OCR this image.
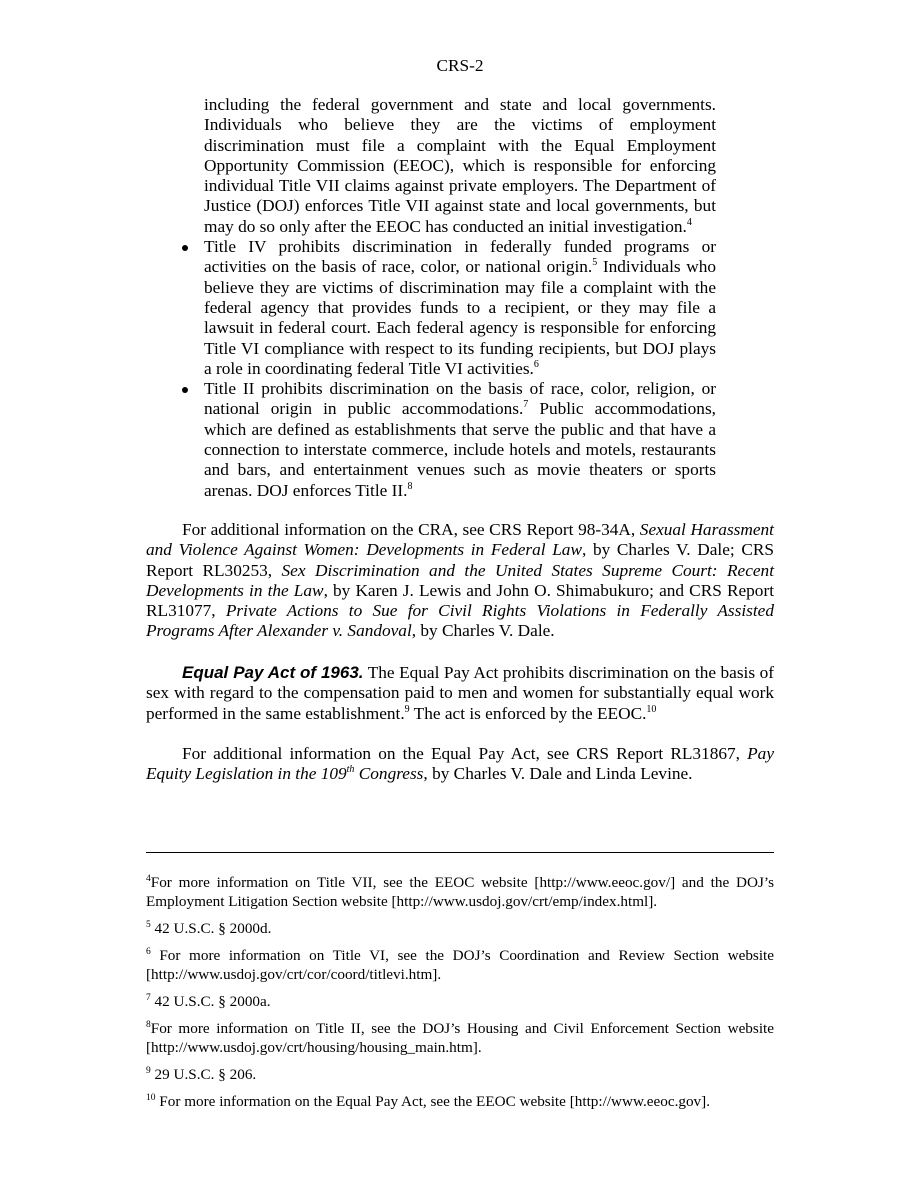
CRS-2
including the federal government and state and local governments. Individuals who believe they are the victims of employment discrimination must file a complaint with the Equal Employment Opportunity Commission (EEOC), which is responsible for enforcing individual Title VII claims against private employers. The Department of Justice (DOJ) enforces Title VII against state and local governments, but may do so only after the EEOC has conducted an initial investigation.$^4$
Title IV prohibits discrimination in federally funded programs or activities on the basis of race, color, or national origin.$^5$ Individuals who believe they are victims of discrimination may file a complaint with the federal agency that provides funds to a recipient, or they may file a lawsuit in federal court. Each federal agency is responsible for enforcing Title VI compliance with respect to its funding recipients, but DOJ plays a role in coordinating federal Title VI activities.$^6$
Title II prohibits discrimination on the basis of race, color, religion, or national origin in public accommodations.$^7$ Public accommodations, which are defined as establishments that serve the public and that have a connection to interstate commerce, include hotels and motels, restaurants and bars, and entertainment venues such as movie theaters or sports arenas. DOJ enforces Title II.$^8$
For additional information on the CRA, see CRS Report 98-34A, Sexual Harassment and Violence Against Women: Developments in Federal Law, by Charles V. Dale; CRS Report RL30253, Sex Discrimination and the United States Supreme Court: Recent Developments in the Law, by Karen J. Lewis and John O. Shimabukuro; and CRS Report RL31077, Private Actions to Sue for Civil Rights Violations in Federally Assisted Programs After Alexander v. Sandoval, by Charles V. Dale.
Equal Pay Act of 1963. The Equal Pay Act prohibits discrimination on the basis of sex with regard to the compensation paid to men and women for substantially equal work performed in the same establishment.$^9$ The act is enforced by the EEOC.$^{10}$
For additional information on the Equal Pay Act, see CRS Report RL31867, Pay Equity Legislation in the 109th Congress, by Charles V. Dale and Linda Levine.
$^4$For more information on Title VII, see the EEOC website [http://www.eeoc.gov/] and the DOJ’s Employment Litigation Section website [http://www.usdoj.gov/crt/emp/index.html].
$^5$ 42 U.S.C. § 2000d.
$^6$ For more information on Title VI, see the DOJ’s Coordination and Review Section website [http://www.usdoj.gov/crt/cor/coord/titlevi.htm].
$^7$ 42 U.S.C. § 2000a.
$^8$For more information on Title II, see the DOJ’s Housing and Civil Enforcement Section website [http://www.usdoj.gov/crt/housing/housing_main.htm].
$^9$ 29 U.S.C. § 206.
$^{10}$ For more information on the Equal Pay Act, see the EEOC website [http://www.eeoc.gov].
